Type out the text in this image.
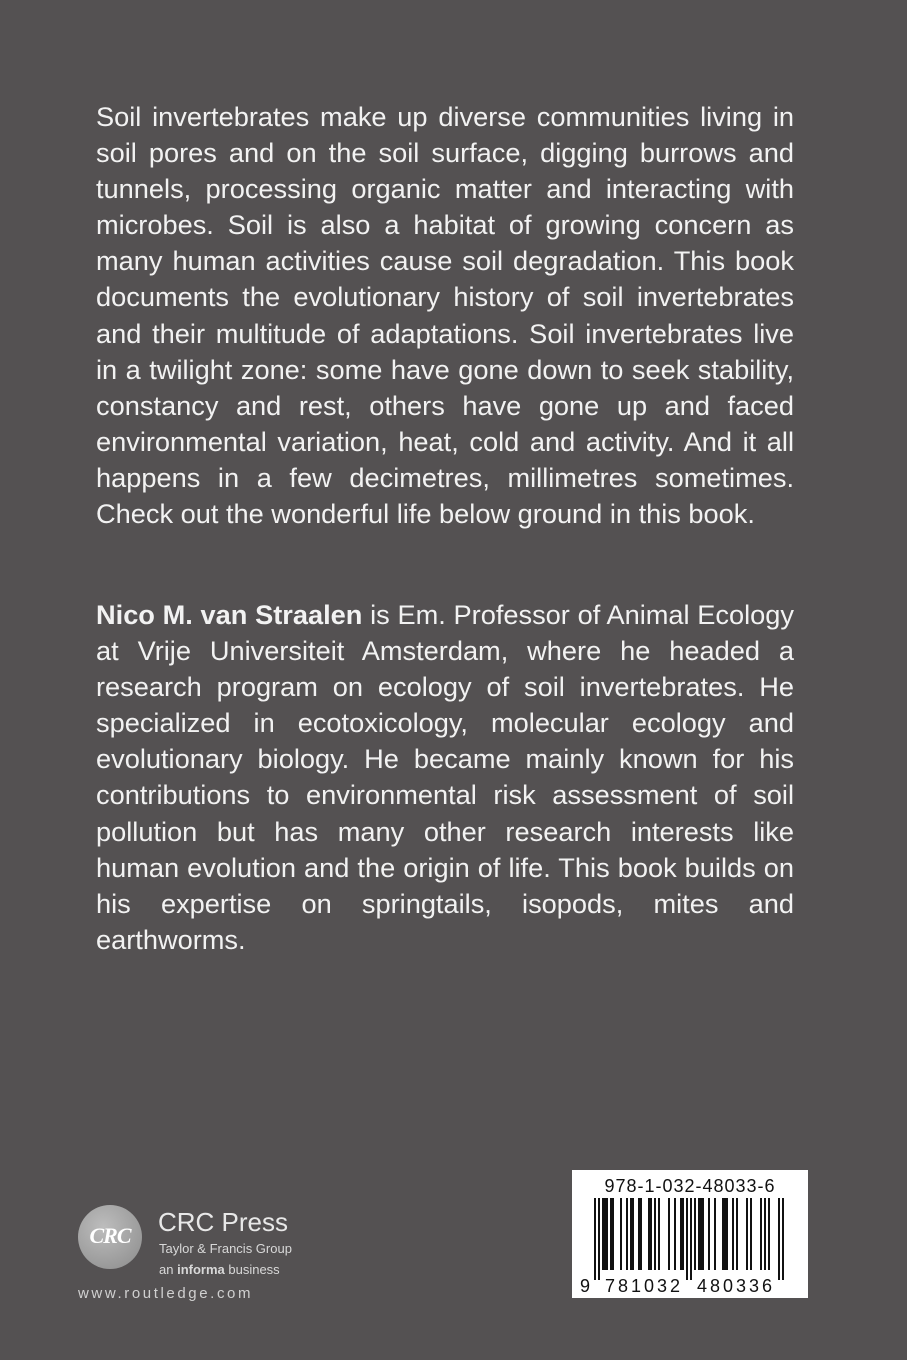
Soil invertebrates make up diverse communities living in soil pores and on the soil surface, digging burrows and tunnels, processing organic matter and interacting with microbes. Soil is also a habitat of growing concern as many human activities cause soil degradation. This book documents the evolutionary history of soil invertebrates and their multitude of adaptations. Soil invertebrates live in a twilight zone: some have gone down to seek stability, constancy and rest, others have gone up and faced environmental variation, heat, cold and activity. And it all happens in a few decimetres, millimetres sometimes. Check out the wonderful life below ground in this book.

Nico M. van Straalen is Em. Professor of Animal Ecology at Vrije Universiteit Amsterdam, where he headed a research program on ecology of soil invertebrates. He specialized in ecotoxicology, molecular ecology and evolutionary biology. He became mainly known for his contributions to environmental risk assessment of soil pollution but has many other research interests like human evolution and the origin of life. This book builds on his expertise on springtails, isopods, mites and earthworms.

CRC	CRC Press
Taylor & Francis Group
an informa business
www.routledge.com
978-1-032-48033-6
9 781032 480336
